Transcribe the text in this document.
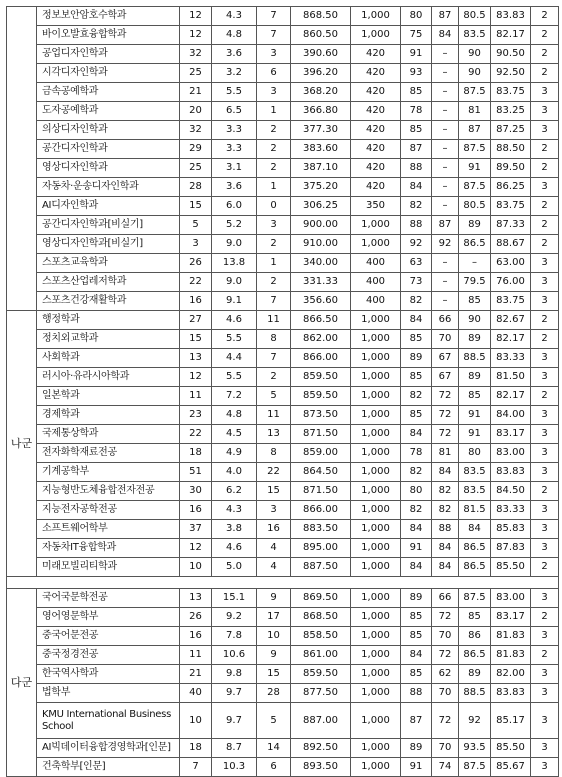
	정보보안암호수학과	12	4.3	7	868.50	1,000	80	87	80.5	83.83	2
	바이오발효융합학과	12	4.8	7	860.50	1,000	75	84	83.5	82.17	2
	공업디자인학과	32	3.6	3	390.60	420	91	–	90	90.50	2
	시각디자인학과	25	3.2	6	396.20	420	93	–	90	92.50	2
	금속공예학과	21	5.5	3	368.20	420	85	–	87.5	83.75	3
	도자공예학과	20	6.5	1	366.80	420	78	–	81	83.25	3
	의상디자인학과	32	3.3	2	377.30	420	85	–	87	87.25	3
	공간디자인학과	29	3.3	2	383.60	420	87	–	87.5	88.50	2
	영상디자인학과	25	3.1	2	387.10	420	88	–	91	89.50	2
	자동차·운송디자인학과	28	3.6	1	375.20	420	84	–	87.5	86.25	3
	AI디자인학과	15	6.0	0	306.25	350	82	–	80.5	83.75	2
	공간디자인학과[비실기]	5	5.2	3	900.00	1,000	88	87	89	87.33	2
	영상디자인학과[비실기]	3	9.0	2	910.00	1,000	92	92	86.5	88.67	2
	스포츠교육학과	26	13.8	1	340.00	400	63	–	–	63.00	3
	스포츠산업레저학과	22	9.0	2	331.33	400	73	–	79.5	76.00	3
	스포츠건강재활학과	16	9.1	7	356.60	400	82	–	85	83.75	3
나군	행정학과	27	4.6	11	866.50	1,000	84	66	90	82.67	2
	정치외교학과	15	5.5	8	862.00	1,000	85	70	89	82.17	2
	사회학과	13	4.4	7	866.00	1,000	89	67	88.5	83.33	3
	러시아·유라시아학과	12	5.5	2	859.50	1,000	85	67	89	81.50	3
	일본학과	11	7.2	5	859.50	1,000	82	72	85	82.17	2
	경제학과	23	4.8	11	873.50	1,000	85	72	91	84.00	3
	국제통상학과	22	4.5	13	871.50	1,000	84	72	91	83.17	3
	전자화학재료전공	18	4.9	8	859.00	1,000	78	81	80	83.00	3
	기계공학부	51	4.0	22	864.50	1,000	82	84	83.5	83.83	3
	지능형반도체융합전자전공	30	6.2	15	871.50	1,000	80	82	83.5	84.50	2
	지능전자공학전공	16	4.3	3	866.00	1,000	82	82	81.5	83.33	3
	소프트웨어학부	37	3.8	16	883.50	1,000	84	88	84	85.83	3
	자동차IT융합학과	12	4.6	4	895.00	1,000	91	84	86.5	87.83	3
	미래모빌리티학과	10	5.0	4	887.50	1,000	84	84	86.5	85.50	2

다군	국어국문학전공	13	15.1	9	869.50	1,000	89	66	87.5	83.00	3
	영어영문학부	26	9.2	17	868.50	1,000	85	72	85	83.17	2
	중국어문전공	16	7.8	10	858.50	1,000	85	70	86	81.83	3
	중국정경전공	11	10.6	9	861.00	1,000	84	72	86.5	81.83	2
	한국역사학과	21	9.8	15	859.50	1,000	85	62	89	82.00	3
	법학부	40	9.7	28	877.50	1,000	88	70	88.5	83.83	3
	KMU International Business School	10	9.7	5	887.00	1,000	87	72	92	85.17	3
	AI빅데이터융합경영학과[인문]	18	8.7	14	892.50	1,000	89	70	93.5	85.50	3
	건축학부[인문]	7	10.3	6	893.50	1,000	91	74	87.5	85.67	3
